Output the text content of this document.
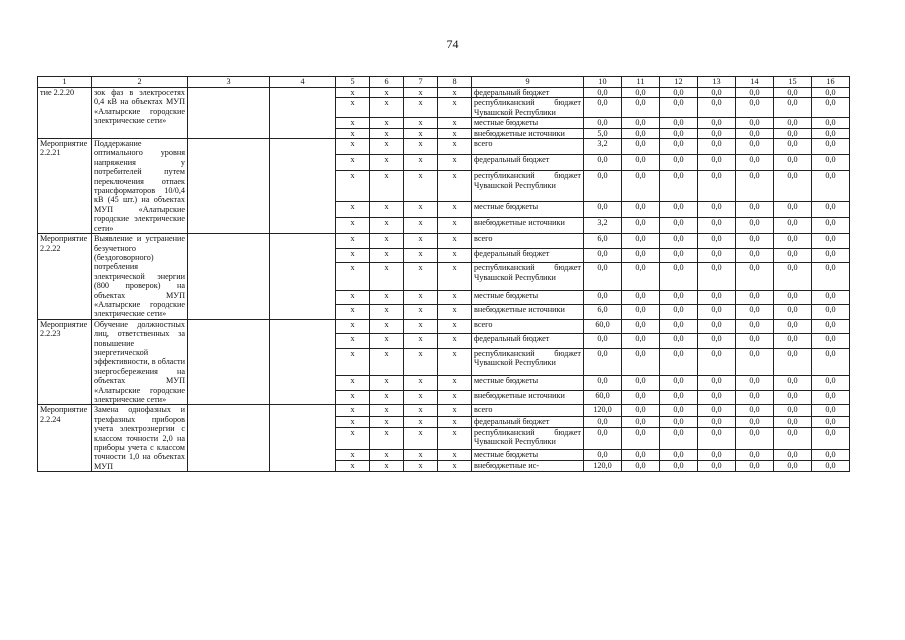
74
1	2	3	4	5	6	7	8	9	10	11	12	13	14	15	16
тие 2.2.20	зок фаз в электросетях 0,4 кВ на объектах МУП «Алатырские городские электрические сети»			x	x	x	x	федеральный бюджет	0,0	0,0	0,0	0,0	0,0	0,0	0,0
				x	x	x	x	республиканский бюджет Чувашской Республики	0,0	0,0	0,0	0,0	0,0	0,0	0,0
				x	x	x	x	местные бюджеты	0,0	0,0	0,0	0,0	0,0	0,0	0,0
				x	x	x	x	внебюджетные источники	5,0	0,0	0,0	0,0	0,0	0,0	0,0
Мероприятие 2.2.21	Поддержание оптимального уровня напряжения у потребителей путем переключения отпаек трансформаторов 10/0,4 кВ (45 шт.) на объектах МУП «Алатырские городские электрические сети»			x	x	x	x	всего	3,2	0,0	0,0	0,0	0,0	0,0	0,0
				x	x	x	x	федеральный бюджет	0,0	0,0	0,0	0,0	0,0	0,0	0,0
				x	x	x	x	республиканский бюджет Чувашской Республики	0,0	0,0	0,0	0,0	0,0	0,0	0,0
				x	x	x	x	местные бюджеты	0,0	0,0	0,0	0,0	0,0	0,0	0,0
				x	x	x	x	внебюджетные источники	3,2	0,0	0,0	0,0	0,0	0,0	0,0
Мероприятие 2.2.22	Выявление и устранение безучетного (бездоговорного) потребления электрической энергии (800 проверок) на объектах МУП «Алатырские городские электрические сети»			x	x	x	x	всего	6,0	0,0	0,0	0,0	0,0	0,0	0,0
				x	x	x	x	федеральный бюджет	0,0	0,0	0,0	0,0	0,0	0,0	0,0
				x	x	x	x	республиканский бюджет Чувашской Республики	0,0	0,0	0,0	0,0	0,0	0,0	0,0
				x	x	x	x	местные бюджеты	0,0	0,0	0,0	0,0	0,0	0,0	0,0
				x	x	x	x	внебюджетные источники	6,0	0,0	0,0	0,0	0,0	0,0	0,0
Мероприятие 2.2.23	Обучение должностных лиц, ответственных за повышение энергетической эффективности, в области энергосбережения на объектах МУП «Алатырские городские электрические сети»			x	x	x	x	всего	60,0	0,0	0,0	0,0	0,0	0,0	0,0
				x	x	x	x	федеральный бюджет	0,0	0,0	0,0	0,0	0,0	0,0	0,0
				x	x	x	x	республиканский бюджет Чувашской Республики	0,0	0,0	0,0	0,0	0,0	0,0	0,0
				x	x	x	x	местные бюджеты	0,0	0,0	0,0	0,0	0,0	0,0	0,0
				x	x	x	x	внебюджетные источники	60,0	0,0	0,0	0,0	0,0	0,0	0,0
Мероприятие 2.2.24	Замена однофазных и трехфазных приборов учета электроэнергии с классом точности 2,0 на приборы учета с классом точности 1,0 на объектах МУП			x	x	x	x	всего	120,0	0,0	0,0	0,0	0,0	0,0	0,0
				x	x	x	x	федеральный бюджет	0,0	0,0	0,0	0,0	0,0	0,0	0,0
				x	x	x	x	республиканский бюджет Чувашской Республики	0,0	0,0	0,0	0,0	0,0	0,0	0,0
				x	x	x	x	местные бюджеты	0,0	0,0	0,0	0,0	0,0	0,0	0,0
				x	x	x	x	внебюджетные ис-	120,0	0,0	0,0	0,0	0,0	0,0	0,0
